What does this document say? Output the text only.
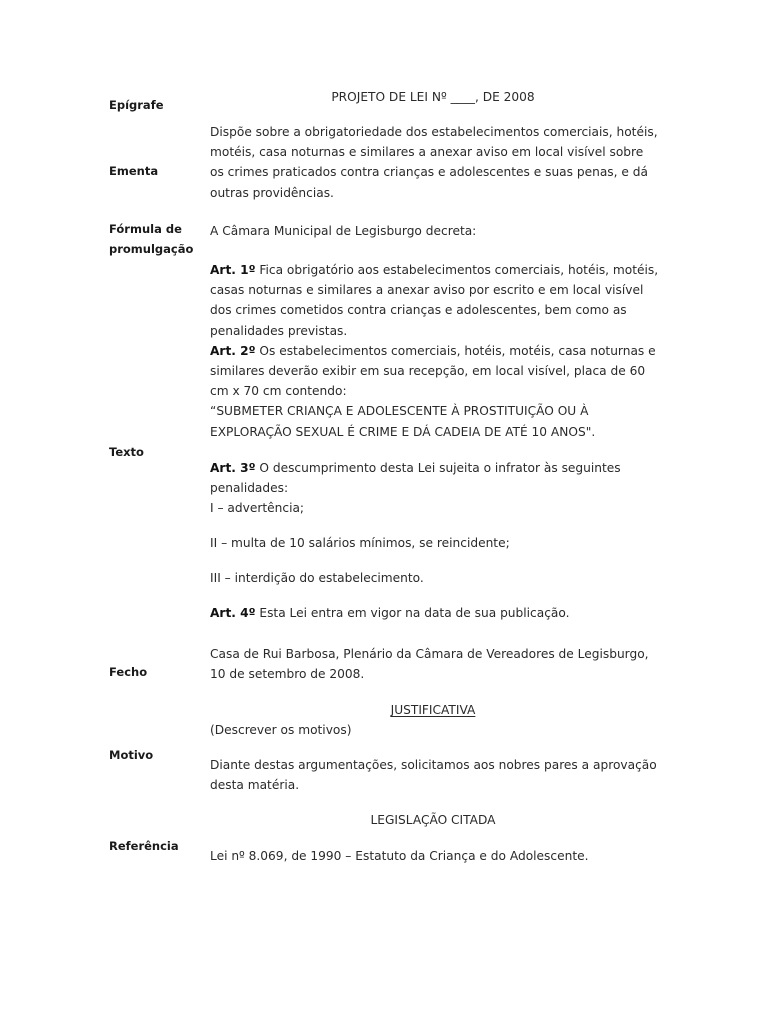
Epígrafe
Ementa
Fórmula de
promulgação
Texto
Fecho
Motivo
Referência
PROJETO DE LEI Nº ____, DE 2008
Dispõe sobre a obrigatoriedade dos estabelecimentos comerciais, hotéis, motéis, casa noturnas e similares a anexar aviso em local visível sobre os crimes praticados contra crianças e adolescentes e suas penas, e dá outras providências.
A Câmara Municipal de Legisburgo decreta:

Art. 1º Fica obrigatório aos estabelecimentos comerciais, hotéis, motéis, casas noturnas e similares a anexar aviso por escrito e em local visível dos crimes cometidos contra crianças e adolescentes, bem como as penalidades previstas.

Art. 2º Os estabelecimentos comerciais, hotéis, motéis, casa noturnas e similares deverão exibir em sua recepção, em local visível, placa de 60 cm x 70 cm contendo:

“SUBMETER CRIANÇA E ADOLESCENTE À PROSTITUIÇÃO OU À EXPLORAÇÃO SEXUAL É CRIME E DÁ CADEIA DE ATÉ 10 ANOS".

Art. 3º O descumprimento desta Lei sujeita o infrator às seguintes penalidades:

I – advertência;

II – multa de 10 salários mínimos, se reincidente;
III – interdição do estabelecimento.
Art. 4º Esta Lei entra em vigor na data de sua publicação.
Casa de Rui Barbosa, Plenário da Câmara de Vereadores de Legisburgo, 10 de setembro de 2008.
JUSTIFICATIVA
(Descrever os motivos)
Diante destas argumentações, solicitamos aos nobres pares a aprovação desta matéria.
LEGISLAÇÃO CITADA
Lei nº 8.069, de 1990 – Estatuto da Criança e do Adolescente.
